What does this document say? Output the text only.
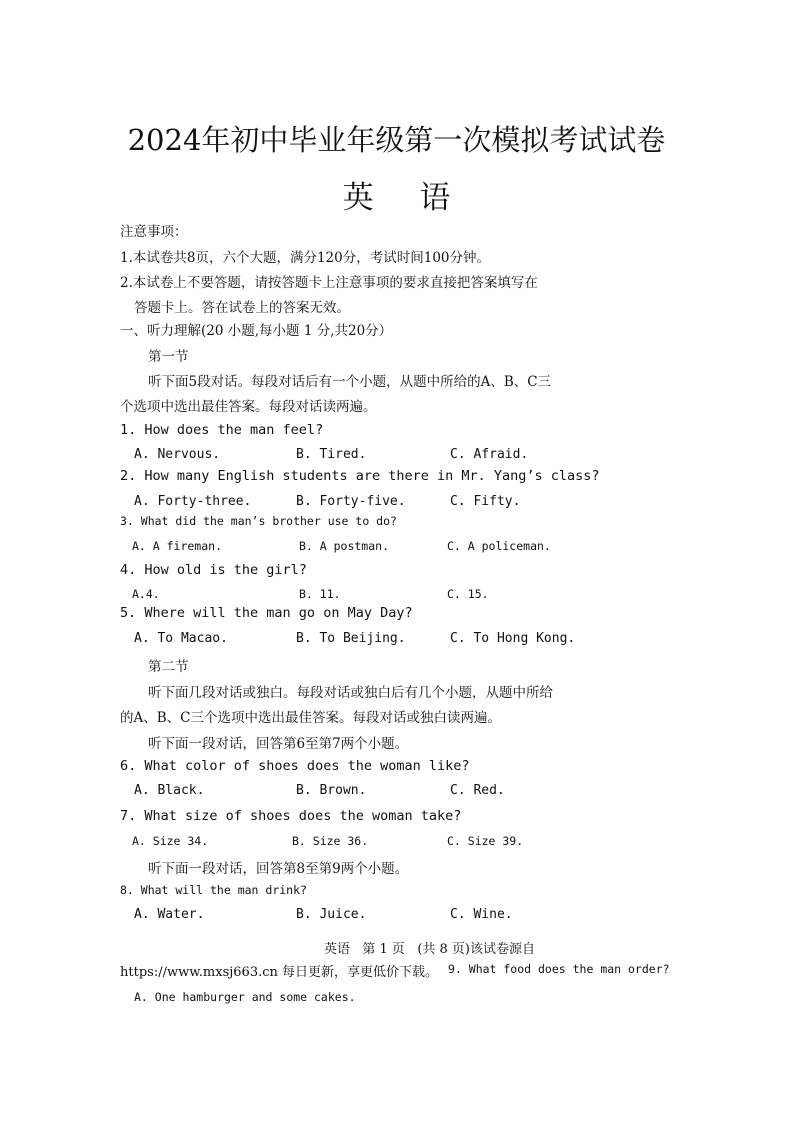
2024年初中毕业年级第一次模拟考试试卷
英 语
注意事项：
1.本试卷共8页，六个大题，满分120分，考试时间100分钟。
2.本试卷上不要答题，请按答题卡上注意事项的要求直接把答案填写在
答题卡上。答在试卷上的答案无效。
一、听力理解(20 小题,每小题 1 分,共20分）
第一节
听下面5段对话。每段对话后有一个小题，从题中所给的A、B、C三
个选项中选出最佳答案。每段对话读两遍。
1. How does the man feel?
A. Nervous.	B. Tired.	C. Afraid.
2. How many English students are there in Mr. Yang’s class?
A. Forty-three.	B. Forty-five.	C. Fifty.
3. What did the man’s brother use to do?
A. A fireman.	B. A postman.	C. A policeman.
4. How old is the girl?
A.4.	B. 11.	C. 15.
5. Where will the man go on May Day?
A. To Macao.	B. To Beijing.	C. To Hong Kong.
第二节
听下面几段对话或独白。每段对话或独白后有几个小题，从题中所给
的A、B、C三个选项中选出最佳答案。每段对话或独白读两遍。
听下面一段对话，回答第6至第7两个小题。
6. What color of shoes does the woman like?
A. Black.	B. Brown.	C. Red.
7. What size of shoes does the woman take?
A. Size 34.	B. Size 36.	C. Size 39.
听下面一段对话，回答第8至第9两个小题。
8. What will the man drink?
A. Water.	B. Juice.	C. Wine.
英语   第 1 页   (共 8 页)该试卷源自
https://www.mxsj663.cn 每日更新，享更低价下载。 9. What food does the man order?
A. One hamburger and some cakes.
